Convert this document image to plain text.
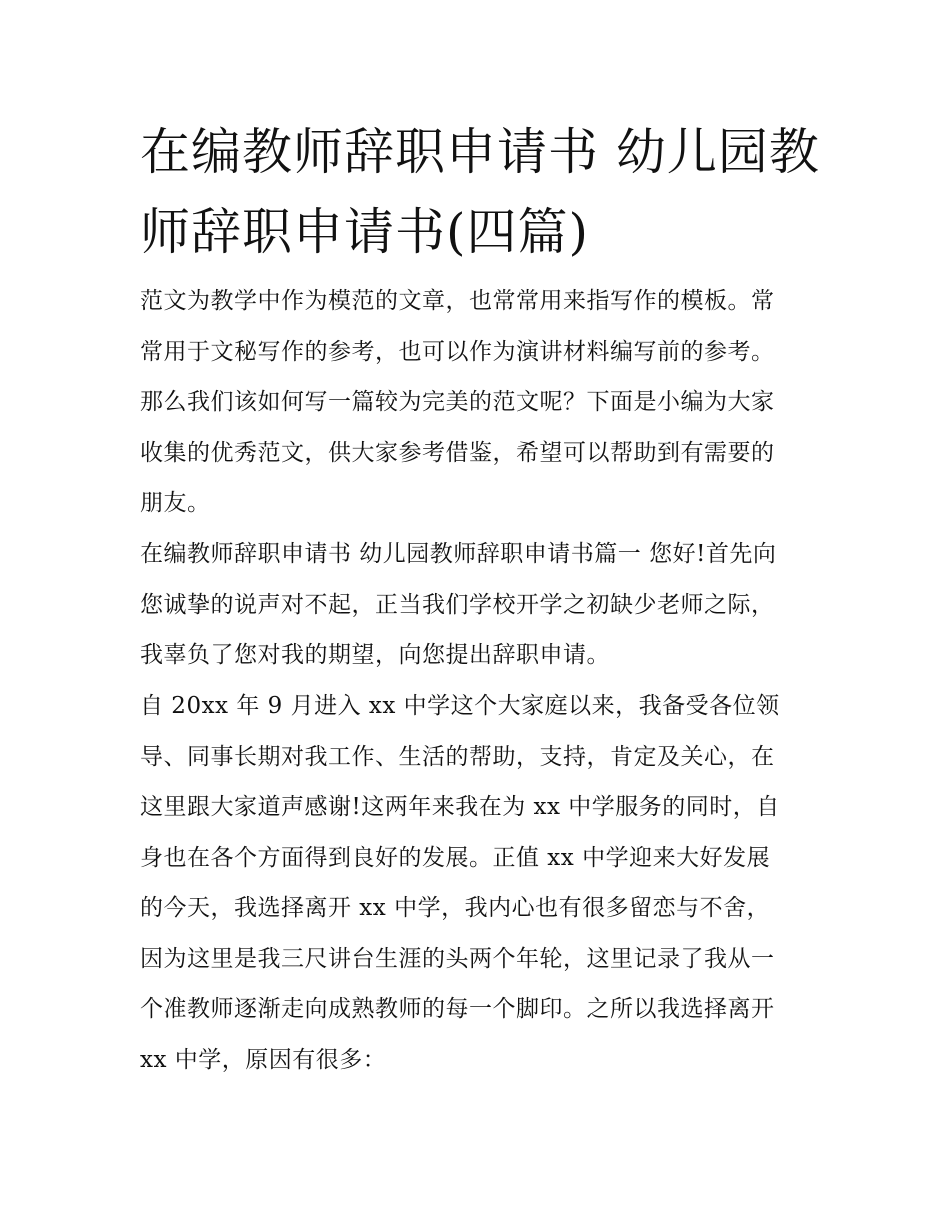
在编教师辞职申请书 幼儿园教
师辞职申请书(四篇)

范文为教学中作为模范的文章，也常常用来指写作的模板。常
常用于文秘写作的参考，也可以作为演讲材料编写前的参考。
那么我们该如何写一篇较为完美的范文呢？下面是小编为大家
收集的优秀范文，供大家参考借鉴，希望可以帮助到有需要的
朋友。

在编教师辞职申请书 幼儿园教师辞职申请书篇一 您好!首先向
您诚挚的说声对不起，正当我们学校开学之初缺少老师之际，
我辜负了您对我的期望，向您提出辞职申请。

自 20xx 年 9 月进入 xx 中学这个大家庭以来，我备受各位领
导、同事长期对我工作、生活的帮助，支持，肯定及关心，在
这里跟大家道声感谢!这两年来我在为 xx 中学服务的同时，自
身也在各个方面得到良好的发展。正值 xx 中学迎来大好发展
的今天，我选择离开 xx 中学，我内心也有很多留恋与不舍，
因为这里是我三尺讲台生涯的头两个年轮，这里记录了我从一
个准教师逐渐走向成熟教师的每一个脚印。之所以我选择离开
xx 中学，原因有很多：
